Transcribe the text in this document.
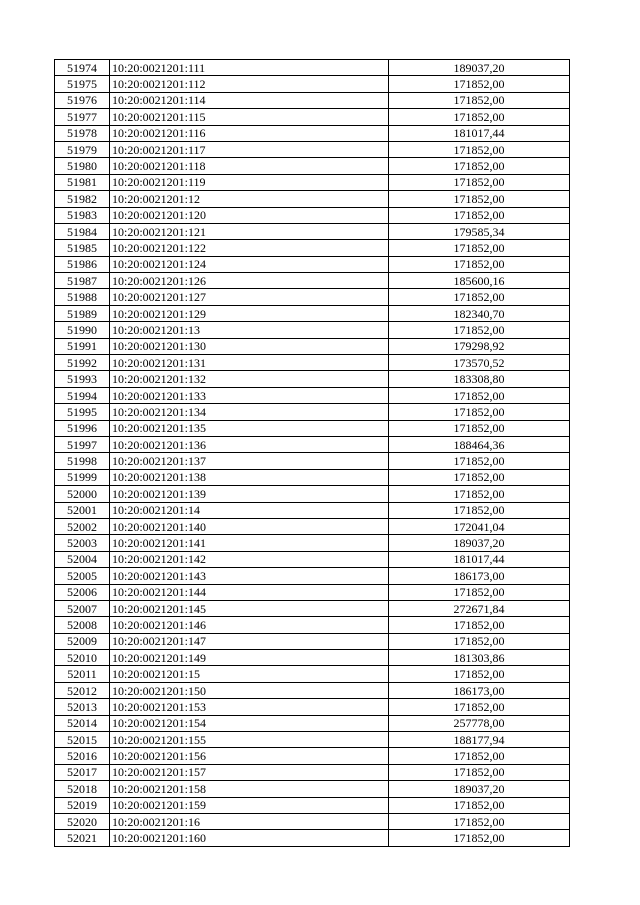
51974	10:20:0021201:111	189037,20
51975	10:20:0021201:112	171852,00
51976	10:20:0021201:114	171852,00
51977	10:20:0021201:115	171852,00
51978	10:20:0021201:116	181017,44
51979	10:20:0021201:117	171852,00
51980	10:20:0021201:118	171852,00
51981	10:20:0021201:119	171852,00
51982	10:20:0021201:12	171852,00
51983	10:20:0021201:120	171852,00
51984	10:20:0021201:121	179585,34
51985	10:20:0021201:122	171852,00
51986	10:20:0021201:124	171852,00
51987	10:20:0021201:126	185600,16
51988	10:20:0021201:127	171852,00
51989	10:20:0021201:129	182340,70
51990	10:20:0021201:13	171852,00
51991	10:20:0021201:130	179298,92
51992	10:20:0021201:131	173570,52
51993	10:20:0021201:132	183308,80
51994	10:20:0021201:133	171852,00
51995	10:20:0021201:134	171852,00
51996	10:20:0021201:135	171852,00
51997	10:20:0021201:136	188464,36
51998	10:20:0021201:137	171852,00
51999	10:20:0021201:138	171852,00
52000	10:20:0021201:139	171852,00
52001	10:20:0021201:14	171852,00
52002	10:20:0021201:140	172041,04
52003	10:20:0021201:141	189037,20
52004	10:20:0021201:142	181017,44
52005	10:20:0021201:143	186173,00
52006	10:20:0021201:144	171852,00
52007	10:20:0021201:145	272671,84
52008	10:20:0021201:146	171852,00
52009	10:20:0021201:147	171852,00
52010	10:20:0021201:149	181303,86
52011	10:20:0021201:15	171852,00
52012	10:20:0021201:150	186173,00
52013	10:20:0021201:153	171852,00
52014	10:20:0021201:154	257778,00
52015	10:20:0021201:155	188177,94
52016	10:20:0021201:156	171852,00
52017	10:20:0021201:157	171852,00
52018	10:20:0021201:158	189037,20
52019	10:20:0021201:159	171852,00
52020	10:20:0021201:16	171852,00
52021	10:20:0021201:160	171852,00
